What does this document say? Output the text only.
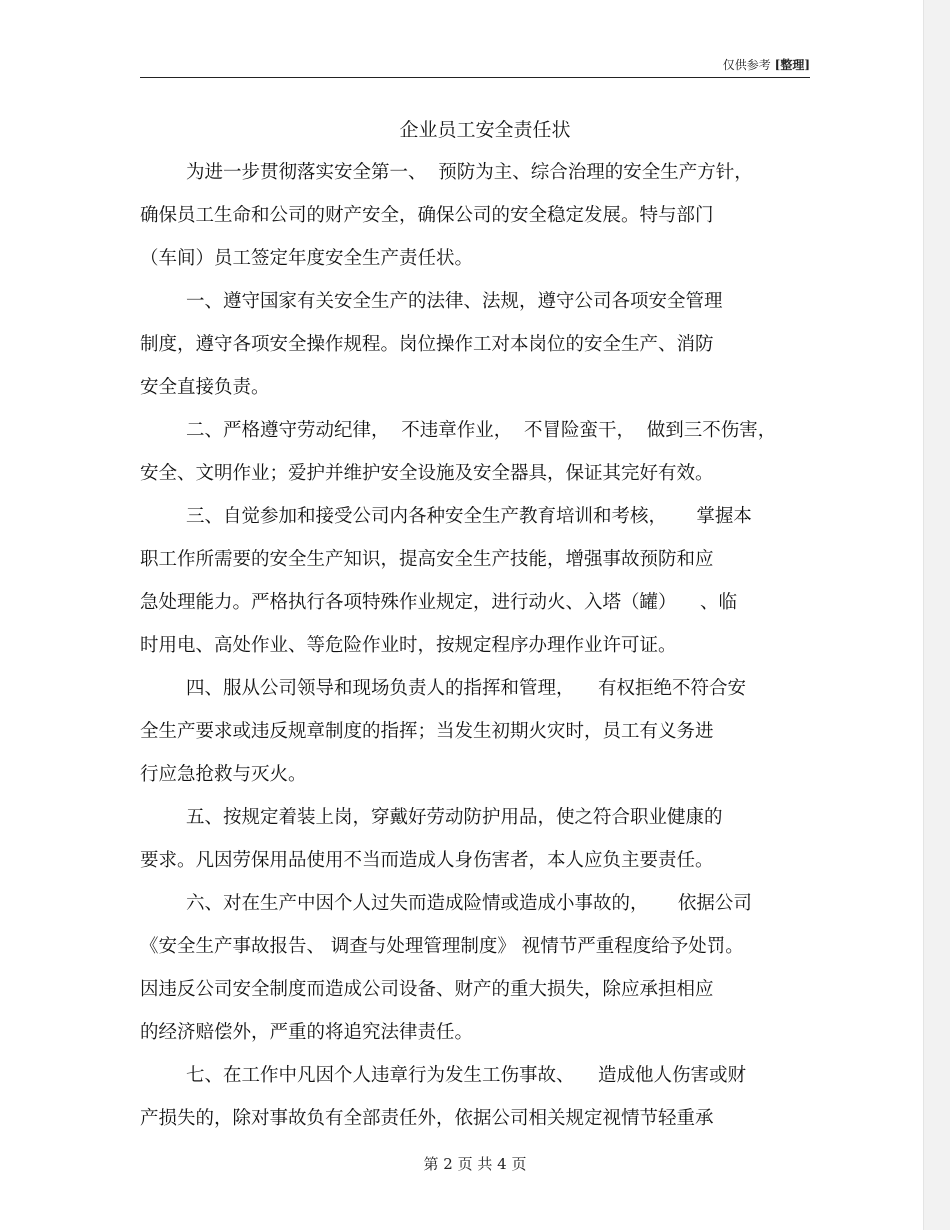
仅供参考 [整理]
企业员工安全责任状
为进一步贯彻落实安全第一、  预防为主、综合治理的安全生产方针，
确保员工生命和公司的财产安全，确保公司的安全稳定发展。特与部门
（车间）员工签定年度安全生产责任状。
一、遵守国家有关安全生产的法律、法规，遵守公司各项安全管理
制度，遵守各项安全操作规程。岗位操作工对本岗位的安全生产、消防
安全直接负责。
二、严格遵守劳动纪律，  不违章作业，  不冒险蛮干，  做到三不伤害，
安全、文明作业；爱护并维护安全设施及安全器具，保证其完好有效。
三、自觉参加和接受公司内各种安全生产教育培训和考核，     掌握本
职工作所需要的安全生产知识，提高安全生产技能，增强事故预防和应
急处理能力。严格执行各项特殊作业规定，进行动火、入塔（罐）    、临
时用电、高处作业、等危险作业时，按规定程序办理作业许可证。
四、服从公司领导和现场负责人的指挥和管理，    有权拒绝不符合安
全生产要求或违反规章制度的指挥；当发生初期火灾时，员工有义务进
行应急抢救与灭火。
五、按规定着装上岗，穿戴好劳动防护用品，使之符合职业健康的
要求。凡因劳保用品使用不当而造成人身伤害者，本人应负主要责任。
六、对在生产中因个人过失而造成险情或造成小事故的，     依据公司
《安全生产事故报告、 调查与处理管理制度》 视情节严重程度给予处罚。
因违反公司安全制度而造成公司设备、财产的重大损失，除应承担相应
的经济赔偿外，严重的将追究法律责任。
七、在工作中凡因个人违章行为发生工伤事故、    造成他人伤害或财
产损失的，除对事故负有全部责任外，依据公司相关规定视情节轻重承
第 2 页 共 4 页
